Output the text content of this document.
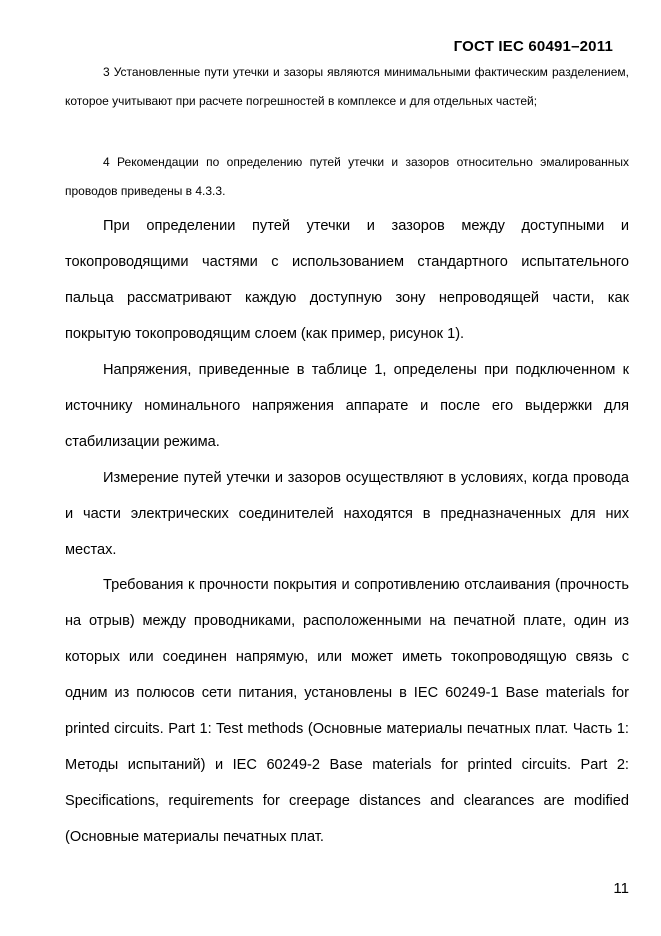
ГОСТ IEC 60491–2011

3 Установленные пути утечки и зазоры являются минимальными фактическим разделением, которое учитывают при расчете погрешностей в комплексе и для отдельных частей;

4 Рекомендации по определению путей утечки и зазоров относительно эмалированных проводов приведены в 4.3.3.

При определении путей утечки и зазоров между доступными и токопроводящими частями с использованием стандартного испытательного пальца рассматривают каждую доступную зону непроводящей части, как покрытую токопроводящим слоем (как пример, рисунок 1).

Напряжения, приведенные в таблице 1, определены при подключенном к источнику номинального напряжения аппарате и после его выдержки для стабилизации режима.

Измерение путей утечки и зазоров осуществляют в условиях, когда провода и части электрических соединителей находятся в предназначенных для них местах.

Требования к прочности покрытия и сопротивлению отслаивания (прочность на отрыв) между проводниками, расположенными на печатной плате, один из которых или соединен напрямую, или может иметь токопроводящую связь с одним из полюсов сети питания, установлены в IEC 60249-1 Base materials for printed circuits. Part 1: Test methods (Основные материалы печатных плат. Часть 1: Методы испытаний) и IEC 60249-2 Base materials for printed circuits. Part 2: Specifications, requirements for creepage distances and clearances are modified (Основные материалы печатных плат.

11
